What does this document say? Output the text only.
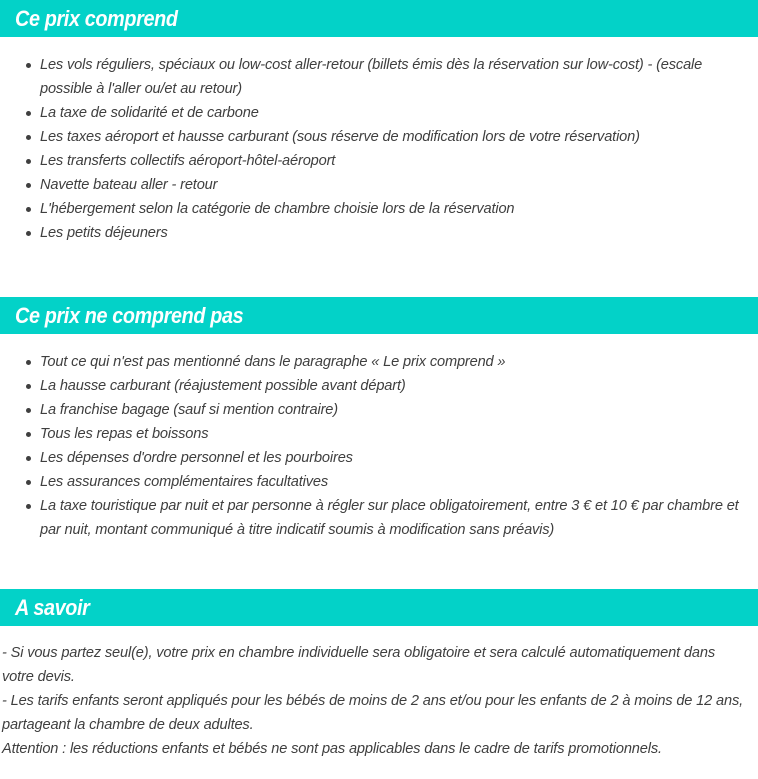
Ce prix comprend
Les vols réguliers, spéciaux ou low-cost aller-retour (billets émis dès la réservation sur low-cost) - (escale possible à l'aller ou/et au retour)
La taxe de solidarité et de carbone
Les taxes aéroport et hausse carburant (sous réserve de modification lors de votre réservation)
Les transferts collectifs aéroport-hôtel-aéroport
Navette bateau aller - retour
L'hébergement selon la catégorie de chambre choisie lors de la réservation
Les petits déjeuners
Ce prix ne comprend pas
Tout ce qui n'est pas mentionné dans le paragraphe « Le prix comprend »
La hausse carburant (réajustement possible avant départ)
La franchise bagage (sauf si mention contraire)
Tous les repas et boissons
Les dépenses d'ordre personnel et les pourboires
Les assurances complémentaires facultatives
La taxe touristique par nuit et par personne à régler sur place obligatoirement, entre 3 € et 10 € par chambre et par nuit, montant communiqué à titre indicatif soumis à modification sans préavis)
A savoir

- Si vous partez seul(e), votre prix en chambre individuelle sera obligatoire et sera calculé automatiquement dans votre devis.

- Les tarifs enfants seront appliqués pour les bébés de moins de 2 ans et/ou pour les enfants de 2 à moins de 12 ans, partageant la chambre de deux adultes.

Attention : les réductions enfants et bébés ne sont pas applicables dans le cadre de tarifs promotionnels.
